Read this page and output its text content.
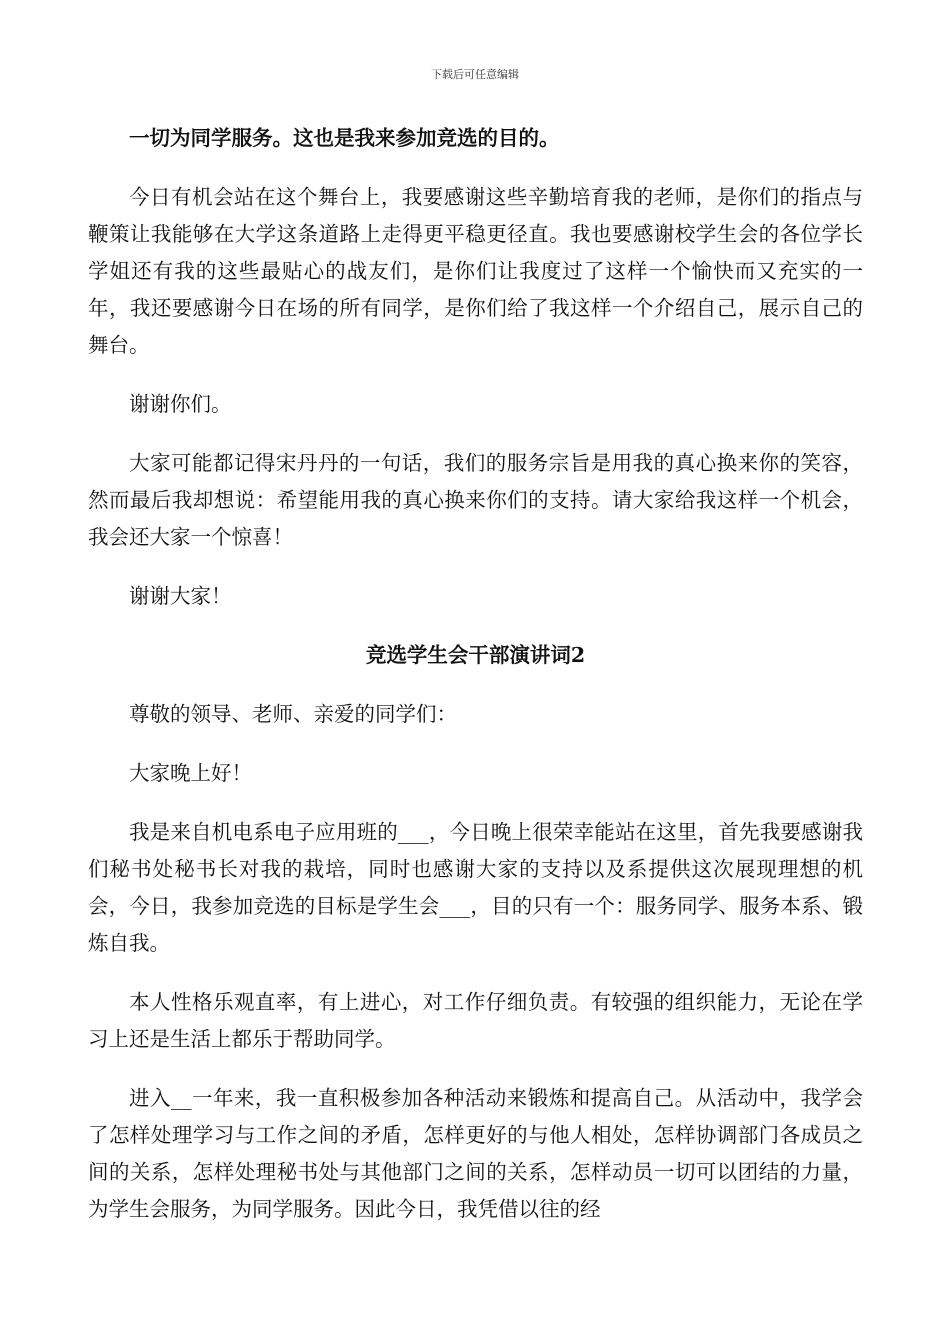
下载后可任意编辑

一切为同学服务。这也是我来参加竞选的目的。

今日有机会站在这个舞台上，我要感谢这些辛勤培育我的老师，是你们的指点与鞭策让我能够在大学这条道路上走得更平稳更径直。我也要感谢校学生会的各位学长学姐还有我的这些最贴心的战友们，是你们让我度过了这样一个愉快而又充实的一年，我还要感谢今日在场的所有同学，是你们给了我这样一个介绍自己，展示自己的舞台。

谢谢你们。

大家可能都记得宋丹丹的一句话，我们的服务宗旨是用我的真心换来你的笑容，然而最后我却想说：希望能用我的真心换来你们的支持。请大家给我这样一个机会，我会还大家一个惊喜！

谢谢大家！

竞选学生会干部演讲词2

尊敬的领导、老师、亲爱的同学们：

大家晚上好！

我是来自机电系电子应用班的___，今日晚上很荣幸能站在这里，首先我要感谢我们秘书处秘书长对我的栽培，同时也感谢大家的支持以及系提供这次展现理想的机会，今日，我参加竞选的目标是学生会___，目的只有一个：服务同学、服务本系、锻炼自我。

本人性格乐观直率，有上进心，对工作仔细负责。有较强的组织能力，无论在学习上还是生活上都乐于帮助同学。

进入__一年来，我一直积极参加各种活动来锻炼和提高自己。从活动中，我学会了怎样处理学习与工作之间的矛盾，怎样更好的与他人相处，怎样协调部门各成员之间的关系，怎样处理秘书处与其他部门之间的关系，怎样动员一切可以团结的力量，为学生会服务，为同学服务。因此今日，我凭借以往的经
